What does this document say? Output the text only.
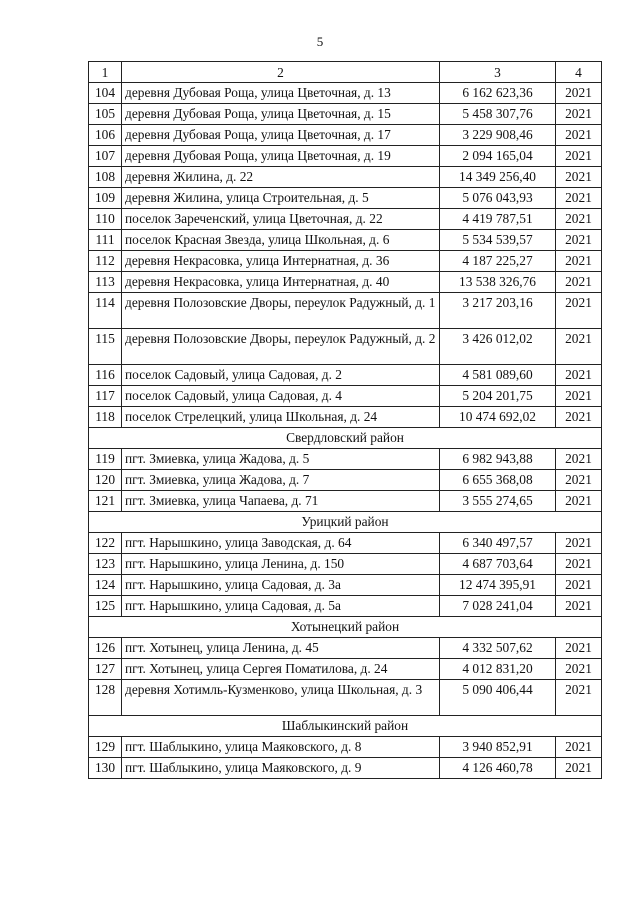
5
1	2	3	4
104	деревня Дубовая Роща, улица Цветочная, д. 13	6 162 623,36	2021
105	деревня Дубовая Роща, улица Цветочная, д. 15	5 458 307,76	2021
106	деревня Дубовая Роща, улица Цветочная, д. 17	3 229 908,46	2021
107	деревня Дубовая Роща, улица Цветочная, д. 19	2 094 165,04	2021
108	деревня Жилина, д. 22	14 349 256,40	2021
109	деревня Жилина, улица Строительная, д. 5	5 076 043,93	2021
110	поселок Зареченский, улица Цветочная, д. 22	4 419 787,51	2021
111	поселок Красная Звезда, улица Школьная, д. 6	5 534 539,57	2021
112	деревня Некрасовка, улица Интернатная, д. 36	4 187 225,27	2021
113	деревня Некрасовка, улица Интернатная, д. 40	13 538 326,76	2021
114	деревня Полозовские Дворы, переулок Радужный, д. 1	3 217 203,16	2021
115	деревня Полозовские Дворы, переулок Радужный, д. 2	3 426 012,02	2021
116	поселок Садовый, улица Садовая, д. 2	4 581 089,60	2021
117	поселок Садовый, улица Садовая, д. 4	5 204 201,75	2021
118	поселок Стрелецкий, улица Школьная, д. 24	10 474 692,02	2021
Свердловский район			
119	пгт. Змиевка, улица Жадова, д. 5	6 982 943,88	2021
120	пгт. Змиевка, улица Жадова, д. 7	6 655 368,08	2021
121	пгт. Змиевка, улица Чапаева, д. 71	3 555 274,65	2021
Урицкий район			
122	пгт. Нарышкино, улица Заводская, д. 64	6 340 497,57	2021
123	пгт. Нарышкино, улица Ленина, д. 150	4 687 703,64	2021
124	пгт. Нарышкино, улица Садовая, д. 3а	12 474 395,91	2021
125	пгт. Нарышкино, улица Садовая, д. 5а	7 028 241,04	2021
Хотынецкий район			
126	пгт. Хотынец, улица Ленина, д. 45	4 332 507,62	2021
127	пгт. Хотынец, улица Сергея Поматилова, д. 24	4 012 831,20	2021
128	деревня Хотимль-Кузменково, улица Школьная, д. 3	5 090 406,44	2021
Шаблыкинский район			
129	пгт. Шаблыкино, улица Маяковского, д. 8	3 940 852,91	2021
130	пгт. Шаблыкино, улица Маяковского, д. 9	4 126 460,78	2021
